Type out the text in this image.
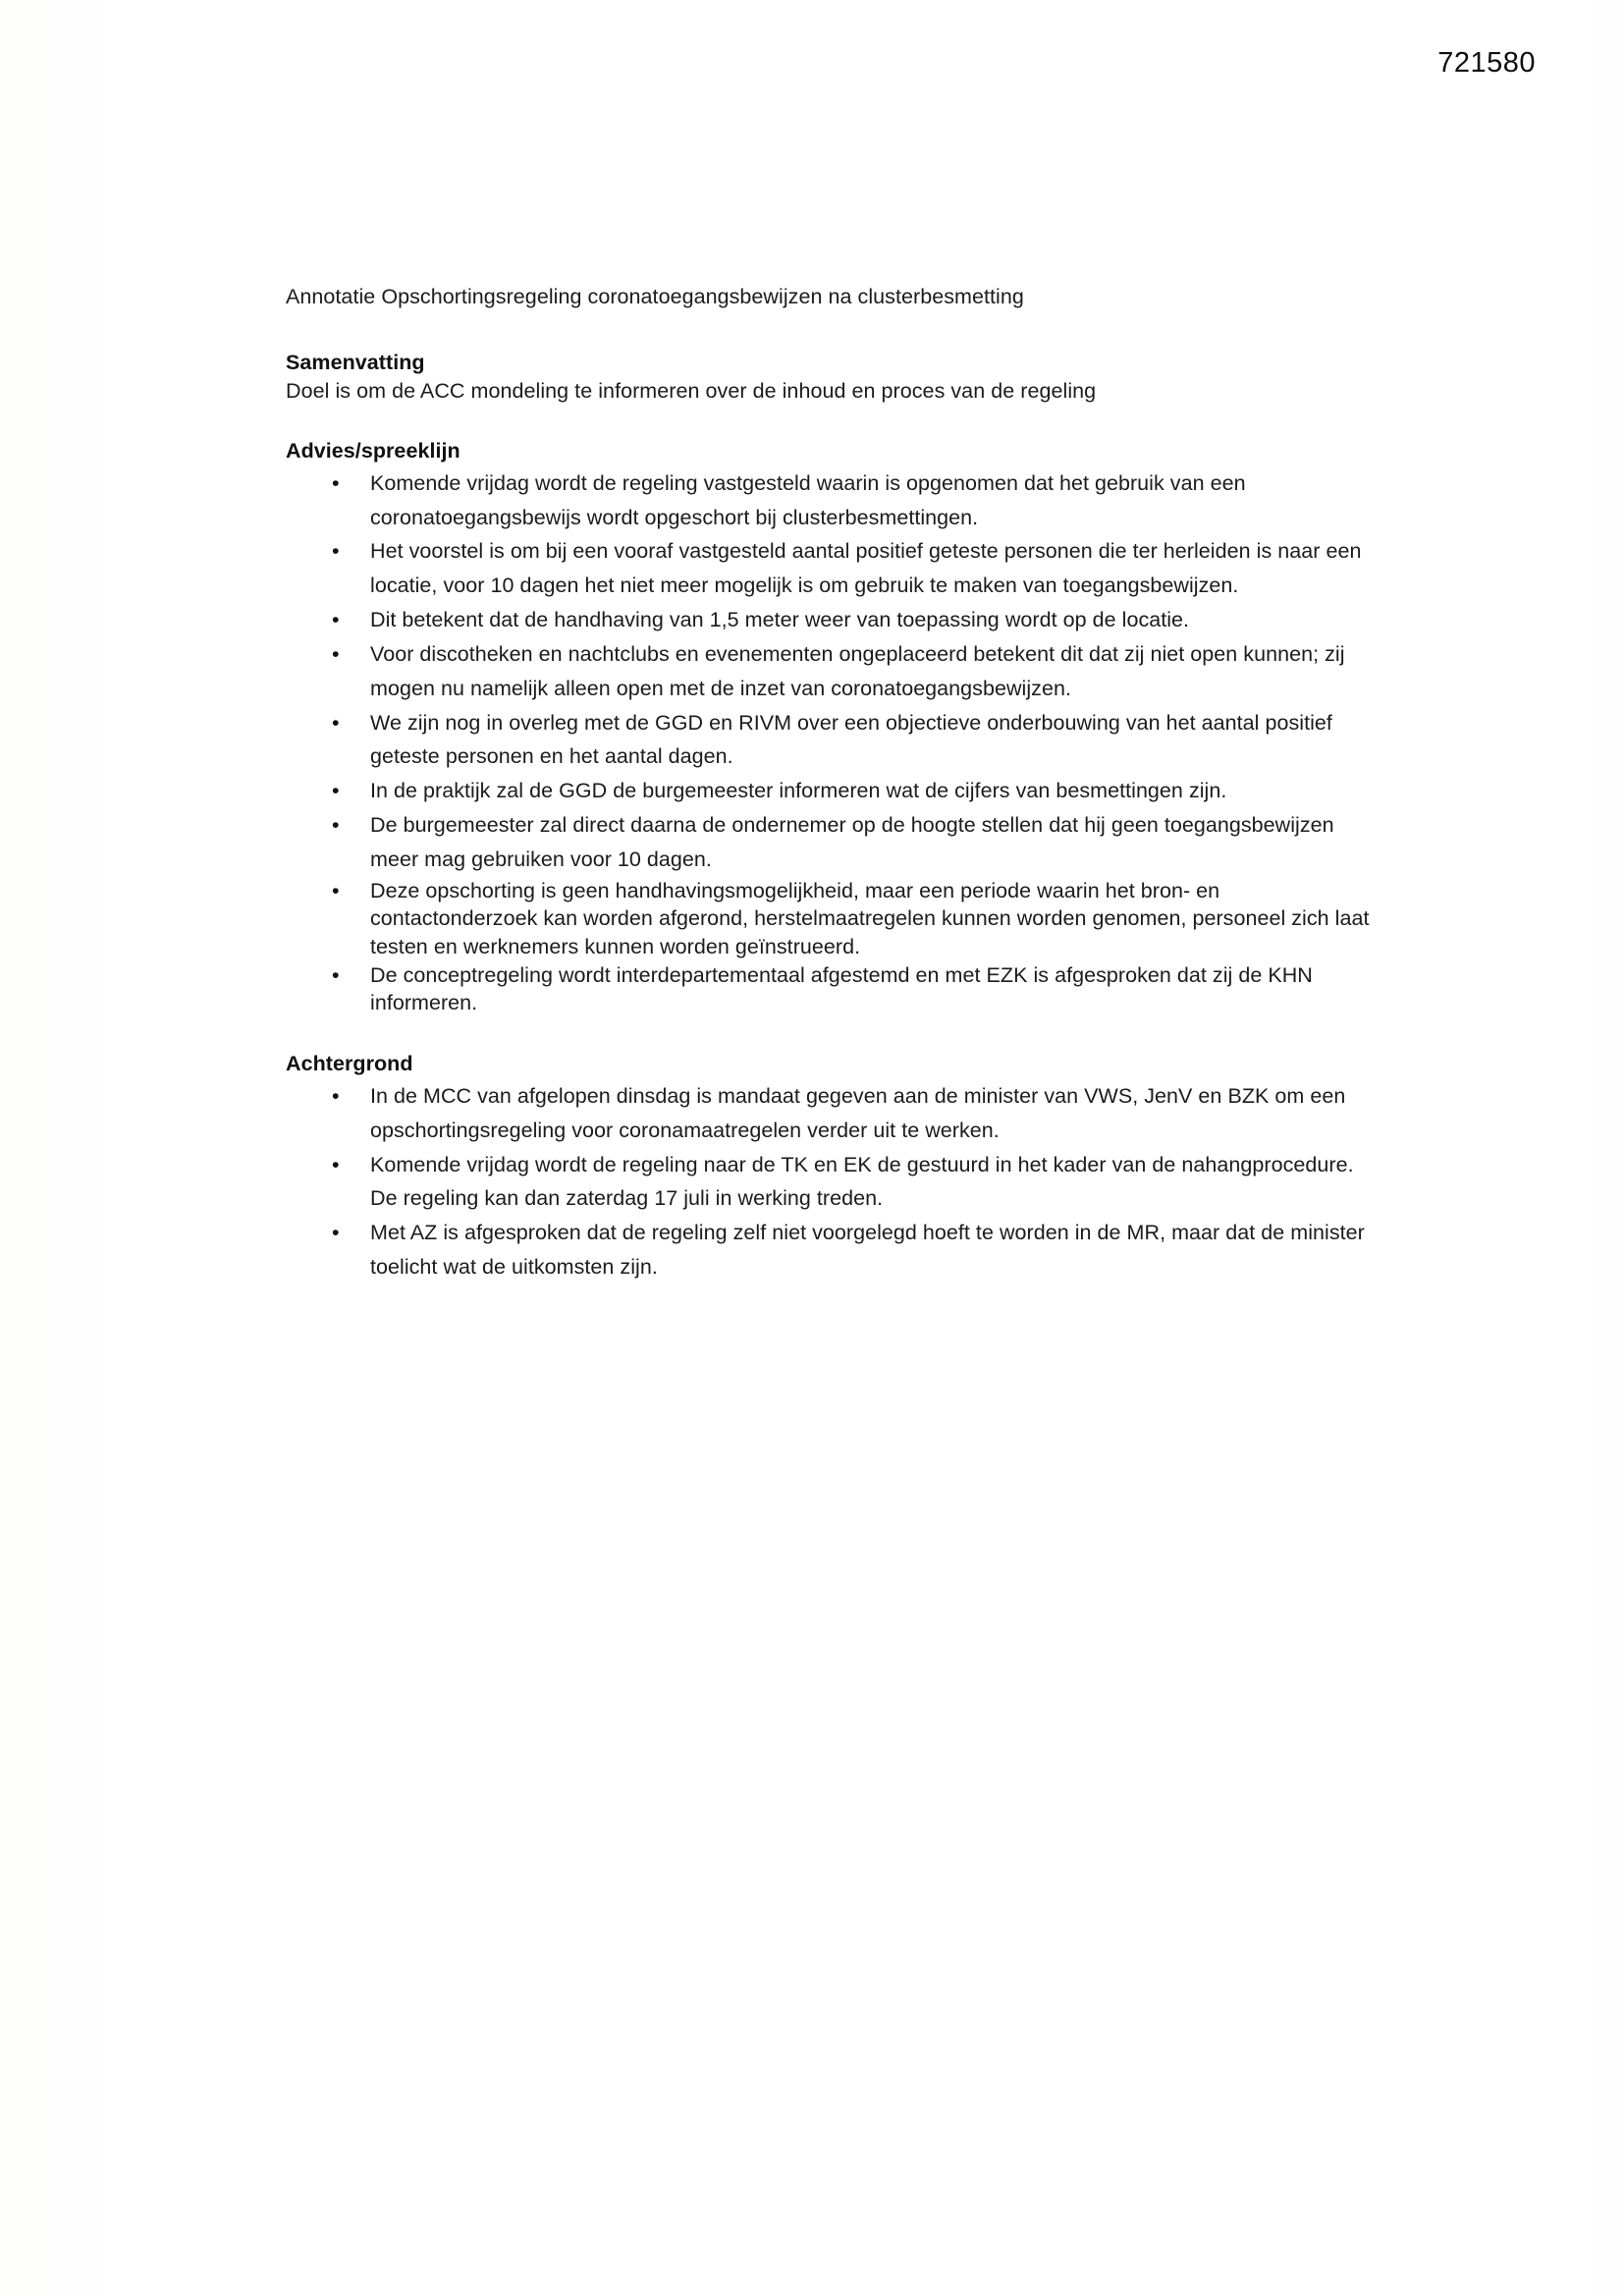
721580
Annotatie Opschortingsregeling coronatoegangsbewijzen na clusterbesmetting
Samenvatting
Doel is om de ACC mondeling te informeren over de inhoud en proces van de regeling
Advies/spreeklijn
•	Komende vrijdag wordt de regeling vastgesteld waarin is opgenomen dat het gebruik van een coronatoegangsbewijs wordt opgeschort bij clusterbesmettingen.
•	Het voorstel is om bij een vooraf vastgesteld aantal positief geteste personen die ter herleiden is naar een locatie, voor 10 dagen het niet meer mogelijk is om gebruik te maken van toegangsbewijzen.
•	Dit betekent dat de handhaving van 1,5 meter weer van toepassing wordt op de locatie.
•	Voor discotheken en nachtclubs en evenementen ongeplaceerd betekent dit dat zij niet open kunnen; zij mogen nu namelijk alleen open met de inzet van coronatoegangsbewijzen.
•	We zijn nog in overleg met de GGD en RIVM over een objectieve onderbouwing van het aantal positief geteste personen en het aantal dagen.
•	In de praktijk zal de GGD de burgemeester informeren wat de cijfers van besmettingen zijn.
•	De burgemeester zal direct daarna de ondernemer op de hoogte stellen dat hij geen toegangsbewijzen meer mag gebruiken voor 10 dagen.
•	Deze opschorting is geen handhavingsmogelijkheid, maar een periode waarin het bron- en contactonderzoek kan worden afgerond, herstelmaatregelen kunnen worden genomen, personeel zich laat testen en werknemers kunnen worden geïnstrueerd.
•	De conceptregeling wordt interdepartementaal afgestemd en met EZK is afgesproken dat zij de KHN informeren.
Achtergrond
•	In de MCC van afgelopen dinsdag is mandaat gegeven aan de minister van VWS, JenV en BZK om een opschortingsregeling voor coronamaatregelen verder uit te werken.
•	Komende vrijdag wordt de regeling naar de TK en EK de gestuurd in het kader van de nahangprocedure. De regeling kan dan zaterdag 17 juli in werking treden.
•	Met AZ is afgesproken dat de regeling zelf niet voorgelegd hoeft te worden in de MR, maar dat de minister toelicht wat de uitkomsten zijn.
